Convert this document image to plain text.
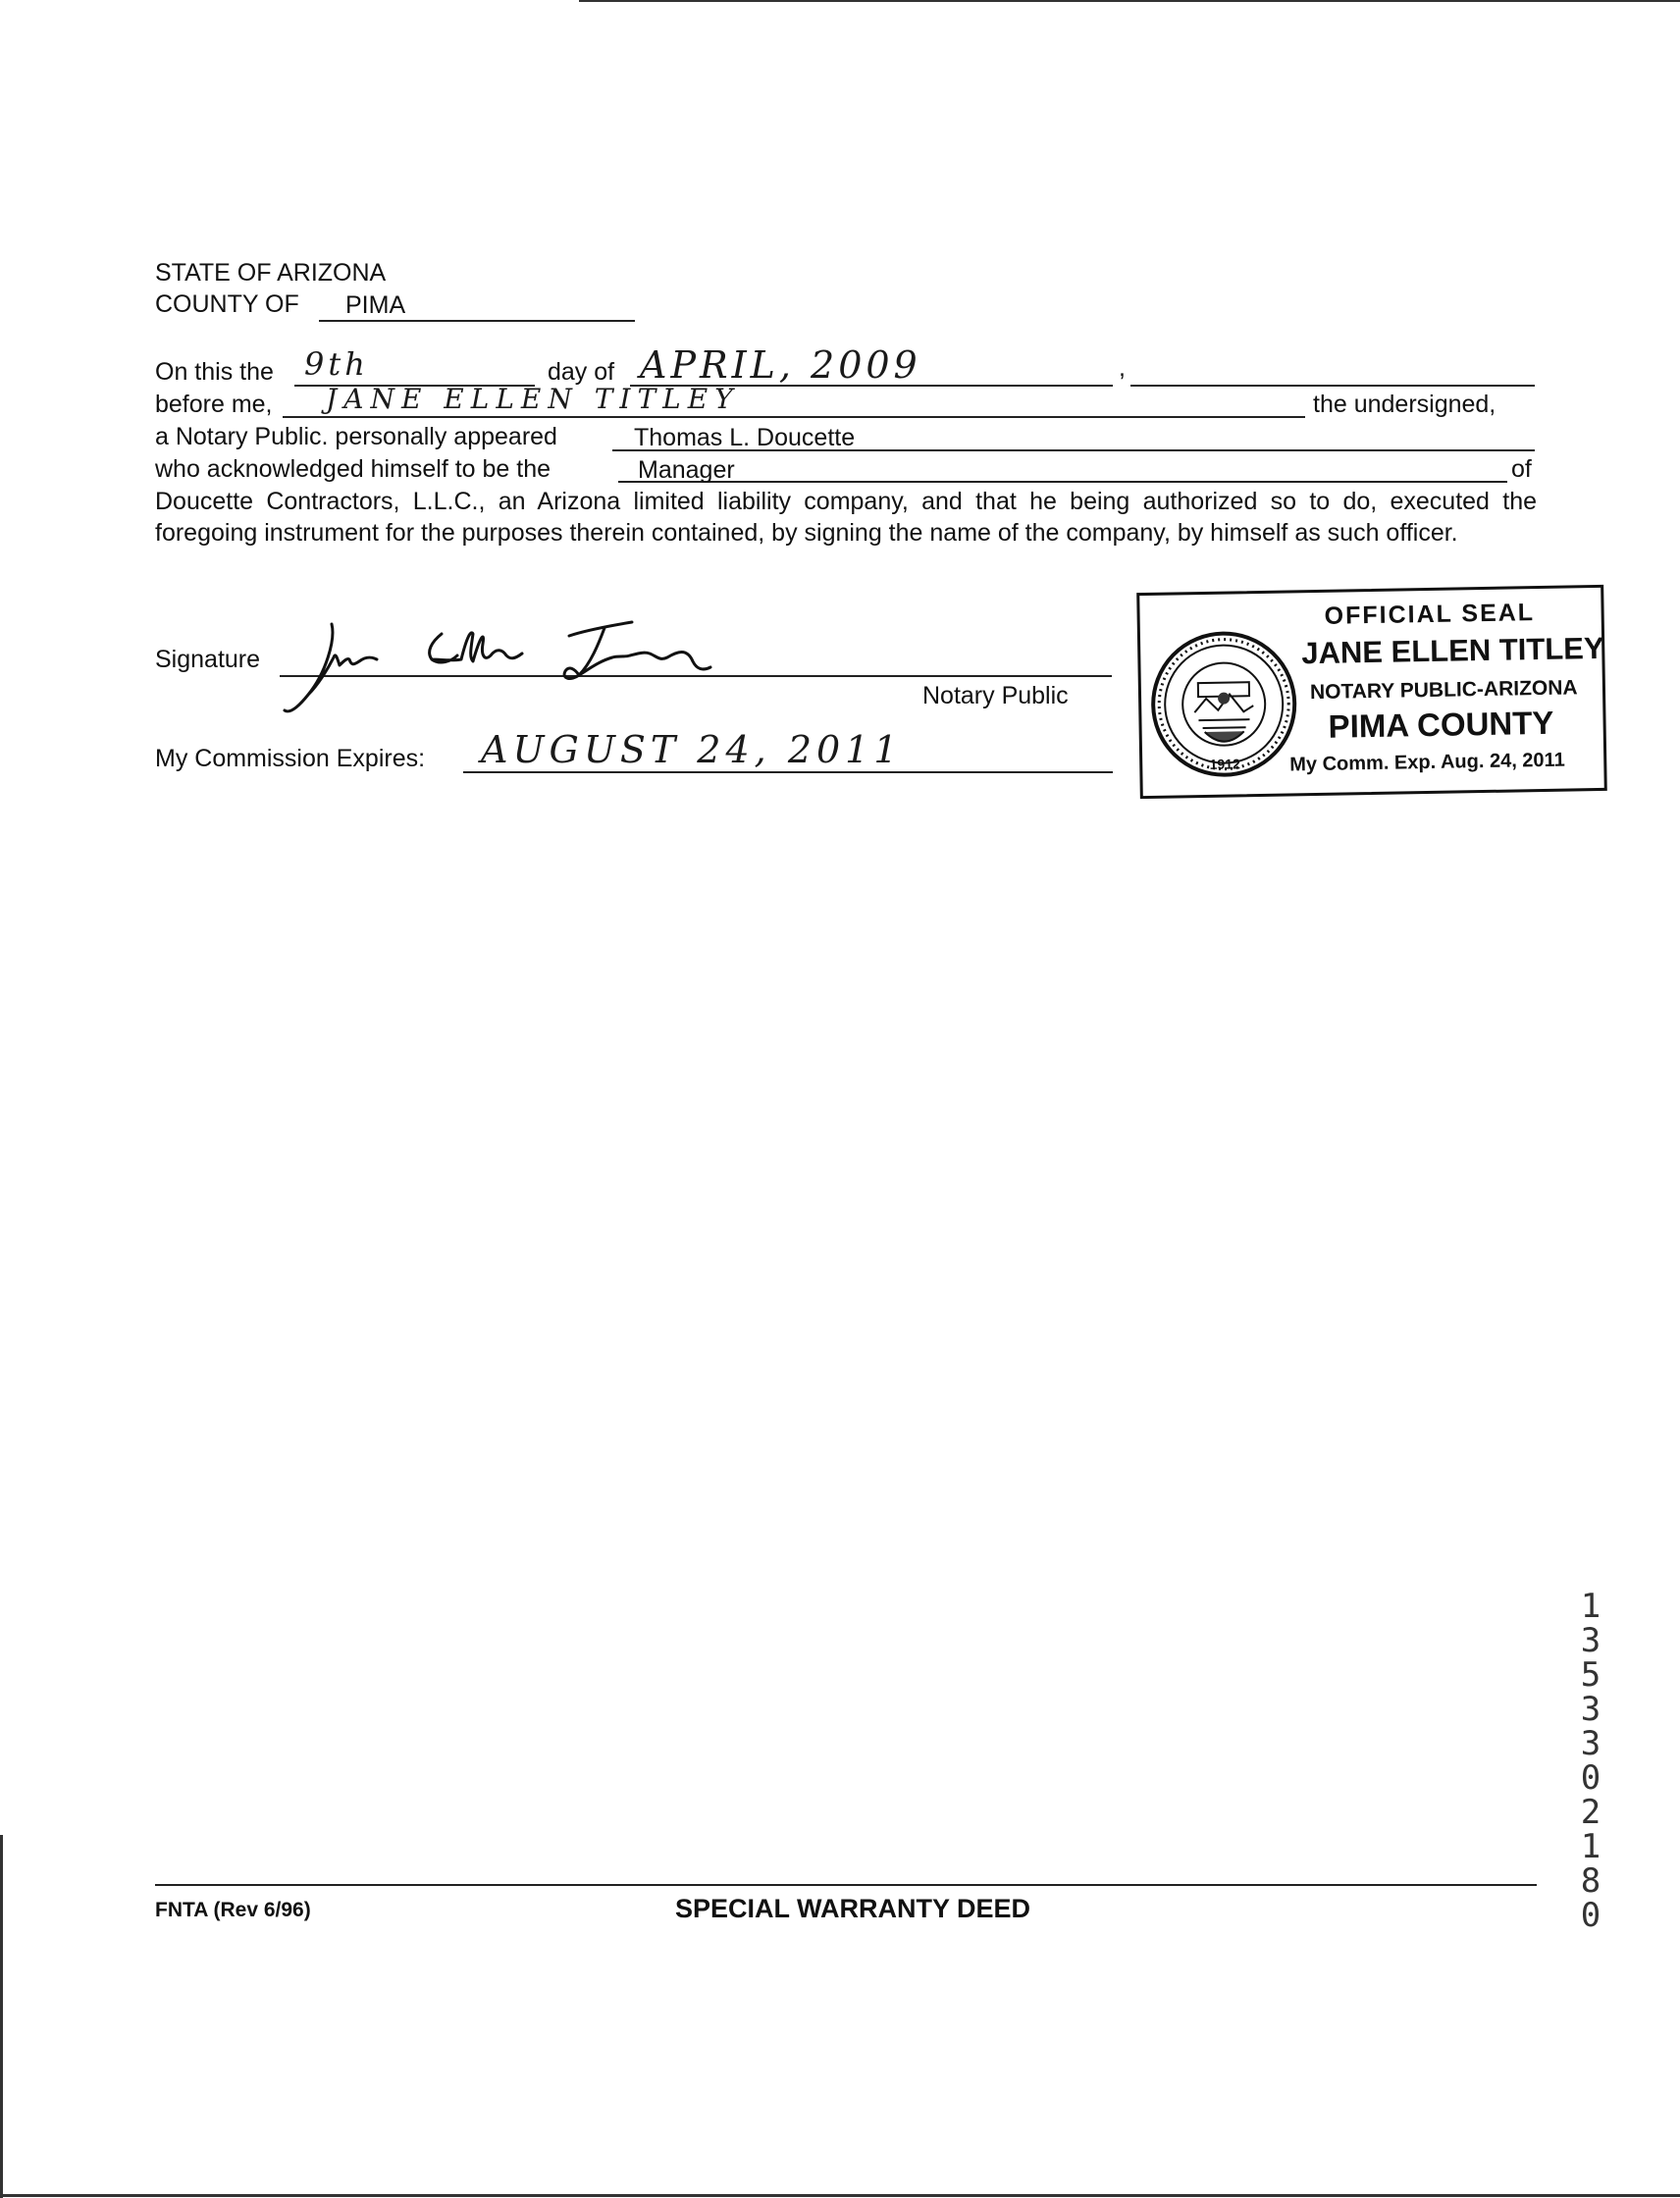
STATE OF ARIZONA
COUNTY OF PIMA
On this the 9th	day of APRIL, 2009	,
before me, JANE ELLEN TITLEY	the undersigned,
a Notary Public. personally appeared	Thomas L. Doucette
who acknowledged himself to be the	Manager	of
Doucette Contractors, L.L.C., an Arizona limited liability company, and that he being authorized so to do, executed the foregoing instrument for the purposes therein contained, by signing the name of the company, by himself as such officer.
Signature
Notary Public
My Commission Expires: AUGUST 24, 2011	1912
OFFICIAL SEAL
JANE ELLEN TITLEY
NOTARY PUBLIC-ARIZONA
PIMA COUNTY
My Comm. Exp. Aug. 24, 2011
1353302180
FNTA (Rev 6/96)	SPECIAL WARRANTY DEED
